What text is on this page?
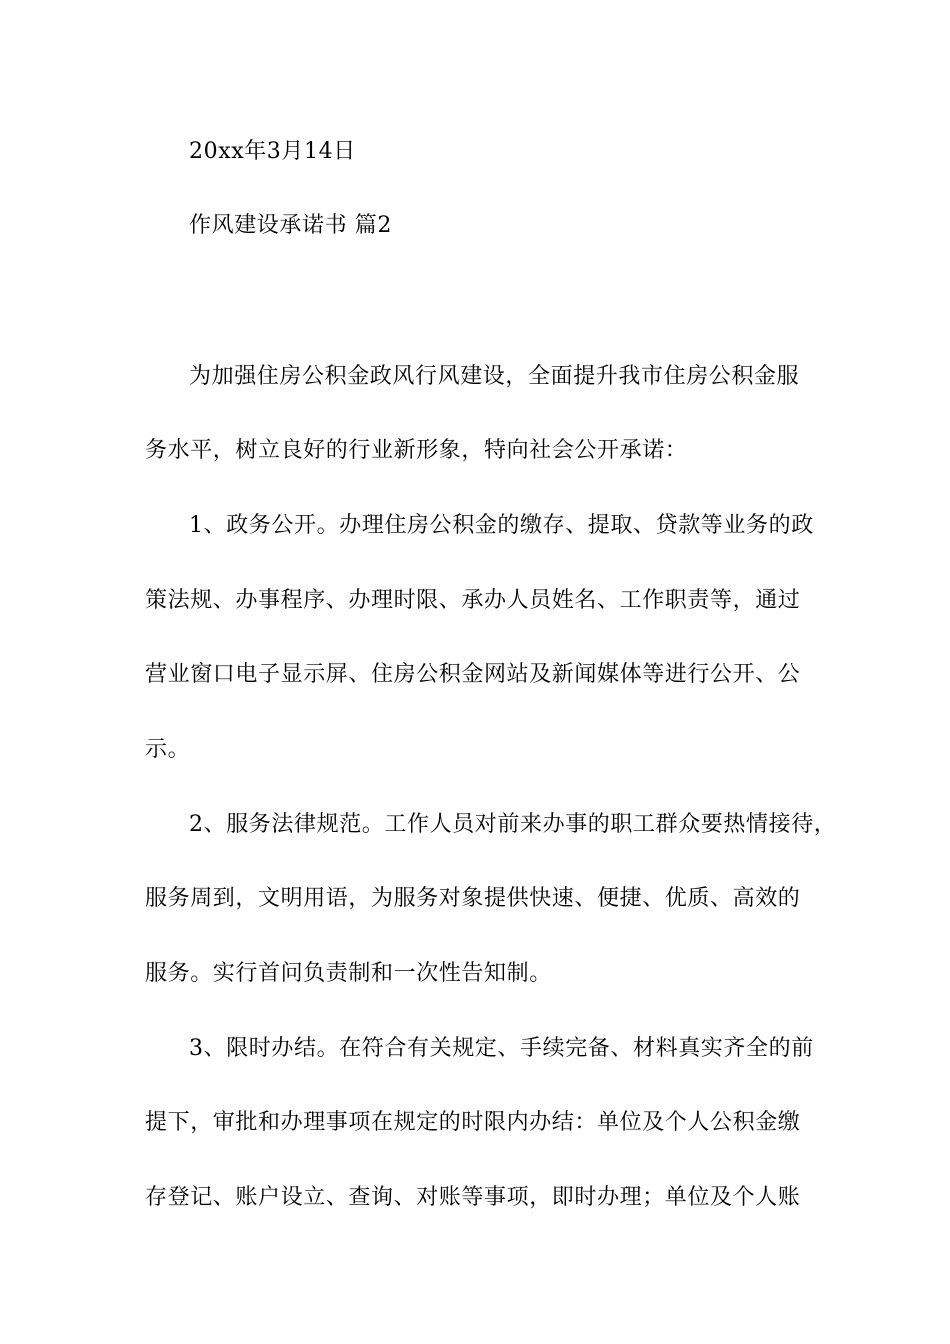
20xx年3月14日
作风建设承诺书 篇2
为加强住房公积金政风行风建设，全面提升我市住房公积金服
务水平，树立良好的行业新形象，特向社会公开承诺：
1、政务公开。办理住房公积金的缴存、提取、贷款等业务的政
策法规、办事程序、办理时限、承办人员姓名、工作职责等，通过
营业窗口电子显示屏、住房公积金网站及新闻媒体等进行公开、公
示。
2、服务法律规范。工作人员对前来办事的职工群众要热情接待，
服务周到，文明用语，为服务对象提供快速、便捷、优质、高效的
服务。实行首问负责制和一次性告知制。
3、限时办结。在符合有关规定、手续完备、材料真实齐全的前
提下，审批和办理事项在规定的时限内办结：单位及个人公积金缴
存登记、账户设立、查询、对账等事项，即时办理；单位及个人账
